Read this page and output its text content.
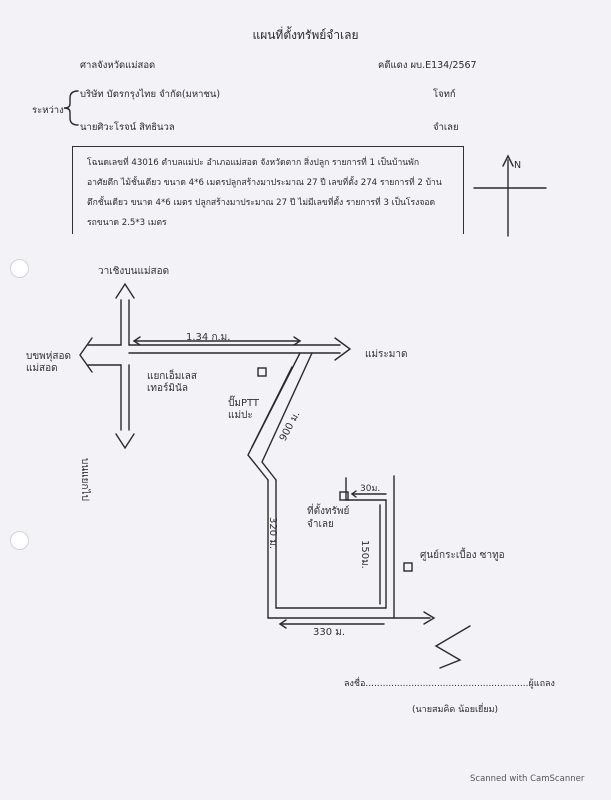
แผนที่ตั้งทรัพย์จำเลย
ศาลจังหวัดแม่สอด	คดีแดง ผบ.E134/2567
ระหว่าง
บริษัท บัตรกรุงไทย จำกัด(มหาชน)	โจทก์
นายศิวะโรจน์ สิทธินวล	จำเลย
โฉนดเลขที่ 43016 ตำบลแม่ปะ อำเภอแม่สอด จังหวัดตาก สิ่งปลูก รายการที่ 1 เป็นบ้านพัก
อาศัยตึก ไม้ชั้นเดียว ขนาด 4*6 เมตรปลูกสร้างมาประมาณ 27 ปี เลขที่ตั้ง 274 รายการที่ 2 บ้าน
ตึกชั้นเดียว ขนาด 4*6 เมตร ปลูกสร้างมาประมาณ 27 ปี ไม่มีเลขที่ตั้ง รายการที่ 3 เป็นโรงจอด
รถขนาด 2.5*3 เมตร
N
วาเชิงบนแม่สอด
บขพหุ่สอด
แม่สอด
บนแยกไป
1.34 ก.ม.
แม่ระมาด
แยกเอ็มเลส
เทอร์มินัล
ปั๊มPTT
แม่ปะ	900 ม.
320 ม.
30ม.
ที่ตั้งทรัพย์
จำเลย
150ม.	ศูนย์กระเบื้อง ซาทูอ
330 ม.
ลงชื่อ.........................................................ผู้แถลง
(นายสมคิด น้อยเยี่ยม)
Scanned with CamScanner
